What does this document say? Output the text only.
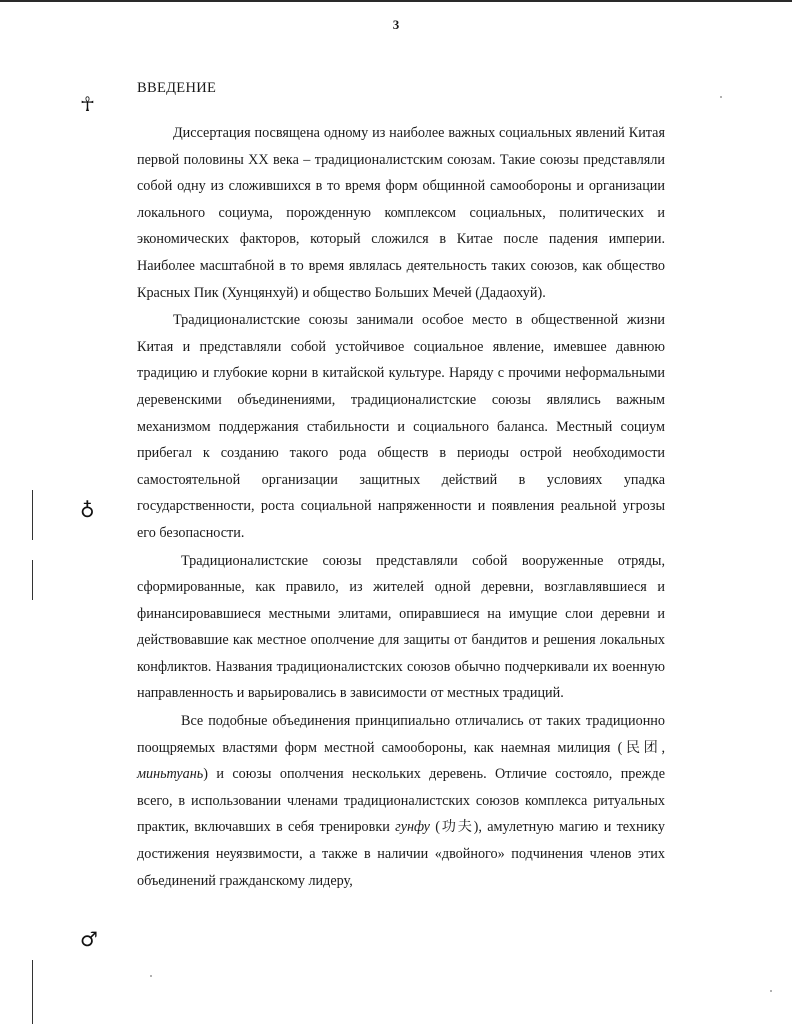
☥
♁
♂
3
ВВЕДЕНИЕ

Диссертация посвящена одному из наиболее важных социальных явлений Китая первой половины XX века – традиционалистским союзам. Такие союзы представляли собой одну из сложившихся в то время форм общинной самообороны и организации локального социума, порожденную комплексом социальных, политических и экономических факторов, который сложился в Китае после падения империи. Наиболее масштабной в то время являлась деятельность таких союзов, как общество Красных Пик (Хунцянхуй) и общество Больших Мечей (Дадаохуй).

Традиционалистские союзы занимали особое место в общественной жизни Китая и представляли собой устойчивое социальное явление, имевшее давнюю традицию и глубокие корни в китайской культуре. Наряду с прочими неформальными деревенскими объединениями, традиционалистские союзы являлись важным механизмом поддержания стабильности и социального баланса. Местный социум прибегал к созданию такого рода обществ в периоды острой необходимости самостоятельной организации защитных действий в условиях упадка государственности, роста социальной напряженности и появления реальной угрозы его безопасности.

Традиционалистские союзы представляли собой вооруженные отряды, сформированные, как правило, из жителей одной деревни, возглавлявшиеся и финансировавшиеся местными элитами, опиравшиеся на имущие слои деревни и действовавшие как местное ополчение для защиты от бандитов и решения локальных конфликтов. Названия традиционалистских союзов обычно подчеркивали их военную направленность и варьировались в зависимости от местных традиций.

Все подобные объединения принципиально отличались от таких традиционно поощряемых властями форм местной самообороны, как наемная милиция (民团, миньтуань) и союзы ополчения нескольких деревень. Отличие состояло, прежде всего, в использовании членами традиционалистских союзов комплекса ритуальных практик, включавших в себя тренировки гунфу (功夫), амулетную магию и технику достижения неуязвимости, а также в наличии «двойного» подчинения членов этих объединений гражданскому лидеру,
